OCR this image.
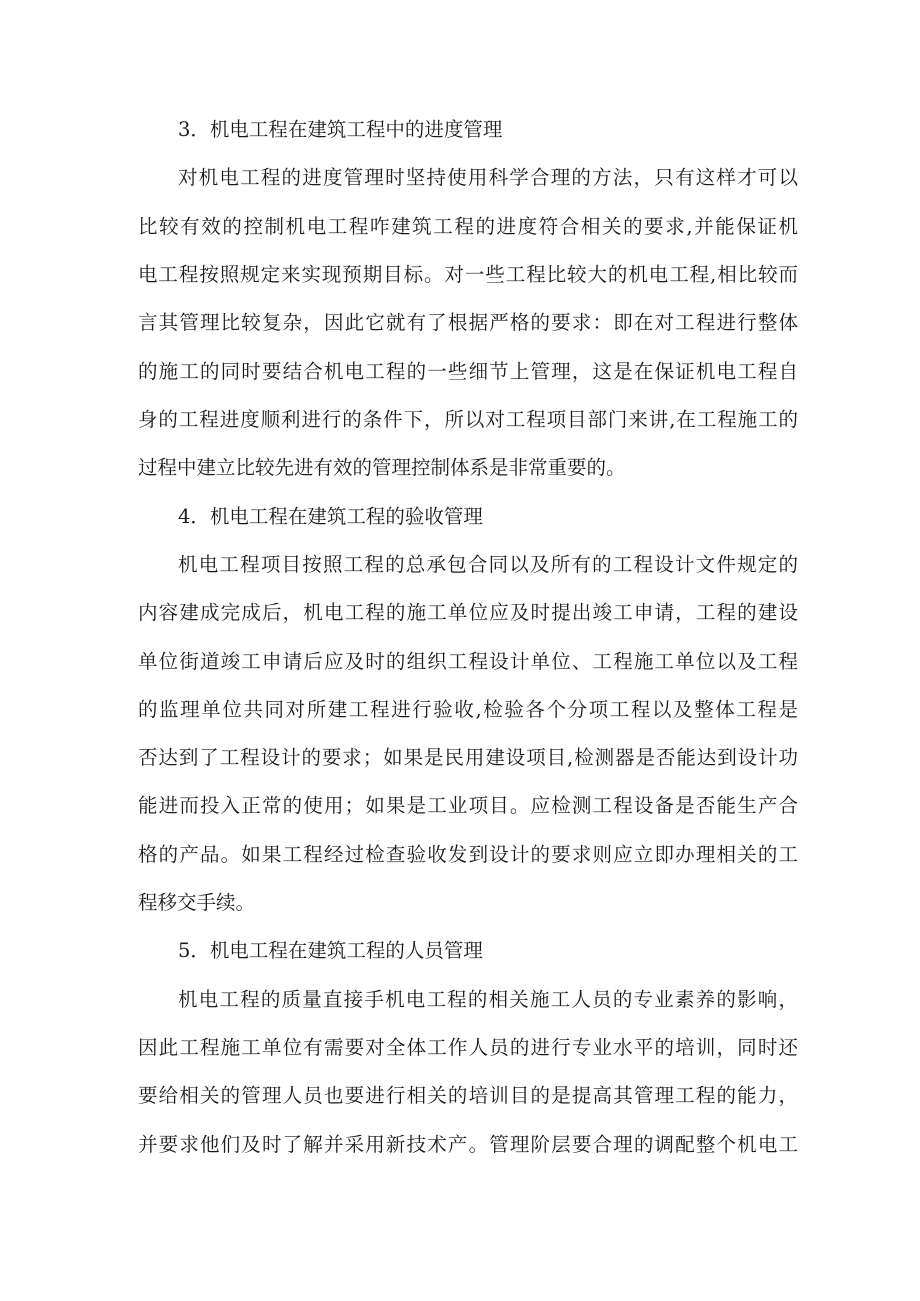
3．机电工程在建筑工程中的进度管理
对机电工程的进度管理时坚持使用科学合理的方法，只有这样才可以
比较有效的控制机电工程咋建筑工程的进度符合相关的要求,并能保证机
电工程按照规定来实现预期目标。对一些工程比较大的机电工程,相比较而
言其管理比较复杂，因此它就有了根据严格的要求：即在对工程进行整体
的施工的同时要结合机电工程的一些细节上管理，这是在保证机电工程自
身的工程进度顺利进行的条件下，所以对工程项目部门来讲,在工程施工的
过程中建立比较先进有效的管理控制体系是非常重要的。
4．机电工程在建筑工程的验收管理
机电工程项目按照工程的总承包合同以及所有的工程设计文件规定的
内容建成完成后，机电工程的施工单位应及时提出竣工申请，工程的建设
单位街道竣工申请后应及时的组织工程设计单位、工程施工单位以及工程
的监理单位共同对所建工程进行验收,检验各个分项工程以及整体工程是
否达到了工程设计的要求；如果是民用建设项目,检测器是否能达到设计功
能进而投入正常的使用；如果是工业项目。应检测工程设备是否能生产合
格的产品。如果工程经过检查验收发到设计的要求则应立即办理相关的工
程移交手续。
5．机电工程在建筑工程的人员管理
机电工程的质量直接手机电工程的相关施工人员的专业素养的影响，
因此工程施工单位有需要对全体工作人员的进行专业水平的培训，同时还
要给相关的管理人员也要进行相关的培训目的是提高其管理工程的能力，
并要求他们及时了解并采用新技术产。管理阶层要合理的调配整个机电工
